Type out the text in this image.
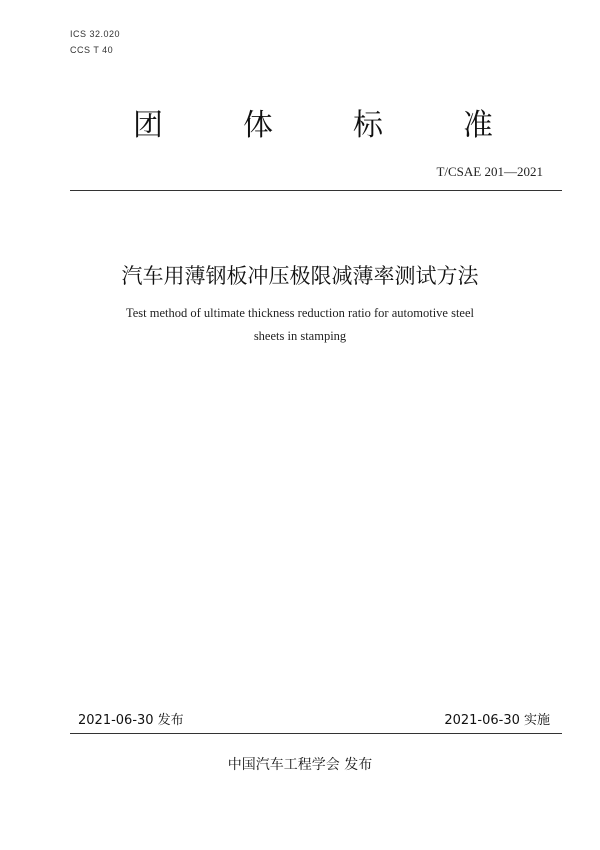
ICS 32.020
CCS T 40
团	体	标	准
T/CSAE 201—2021
汽车用薄钢板冲压极限减薄率测试方法
Test method of ultimate thickness reduction ratio for automotive steel
sheets in stamping
2021-06-30 发布	2021-06-30 实施
中国汽车工程学会 发布
